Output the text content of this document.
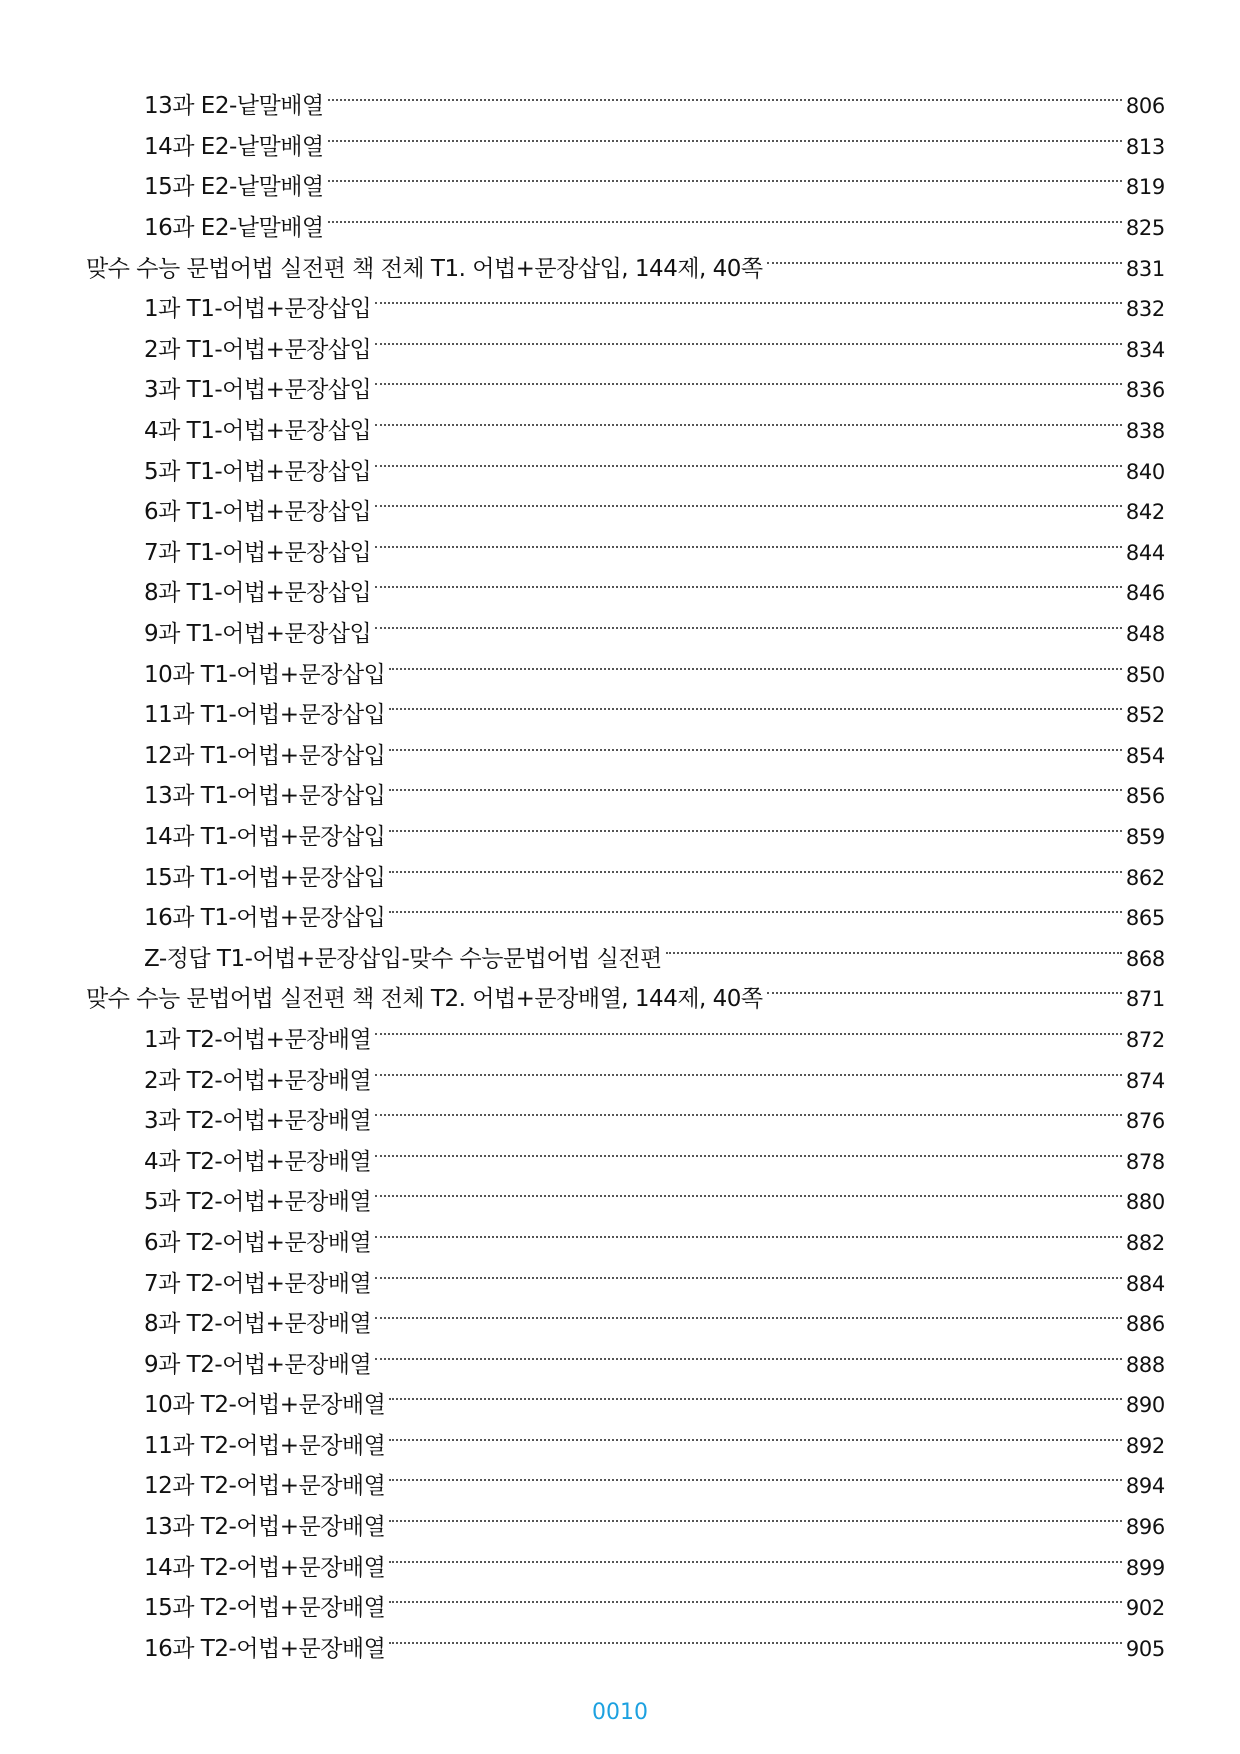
13과 E2-낱말배열	806
14과 E2-낱말배열	813
15과 E2-낱말배열	819
16과 E2-낱말배열	825
맞수 수능 문법어법 실전편 책 전체 T1. 어법+문장삽입, 144제, 40쪽	831
1과 T1-어법+문장삽입	832
2과 T1-어법+문장삽입	834
3과 T1-어법+문장삽입	836
4과 T1-어법+문장삽입	838
5과 T1-어법+문장삽입	840
6과 T1-어법+문장삽입	842
7과 T1-어법+문장삽입	844
8과 T1-어법+문장삽입	846
9과 T1-어법+문장삽입	848
10과 T1-어법+문장삽입	850
11과 T1-어법+문장삽입	852
12과 T1-어법+문장삽입	854
13과 T1-어법+문장삽입	856
14과 T1-어법+문장삽입	859
15과 T1-어법+문장삽입	862
16과 T1-어법+문장삽입	865
Z-정답 T1-어법+문장삽입-맞수 수능문법어법 실전편	868
맞수 수능 문법어법 실전편 책 전체 T2. 어법+문장배열, 144제, 40쪽	871
1과 T2-어법+문장배열	872
2과 T2-어법+문장배열	874
3과 T2-어법+문장배열	876
4과 T2-어법+문장배열	878
5과 T2-어법+문장배열	880
6과 T2-어법+문장배열	882
7과 T2-어법+문장배열	884
8과 T2-어법+문장배열	886
9과 T2-어법+문장배열	888
10과 T2-어법+문장배열	890
11과 T2-어법+문장배열	892
12과 T2-어법+문장배열	894
13과 T2-어법+문장배열	896
14과 T2-어법+문장배열	899
15과 T2-어법+문장배열	902
16과 T2-어법+문장배열	905
0010
